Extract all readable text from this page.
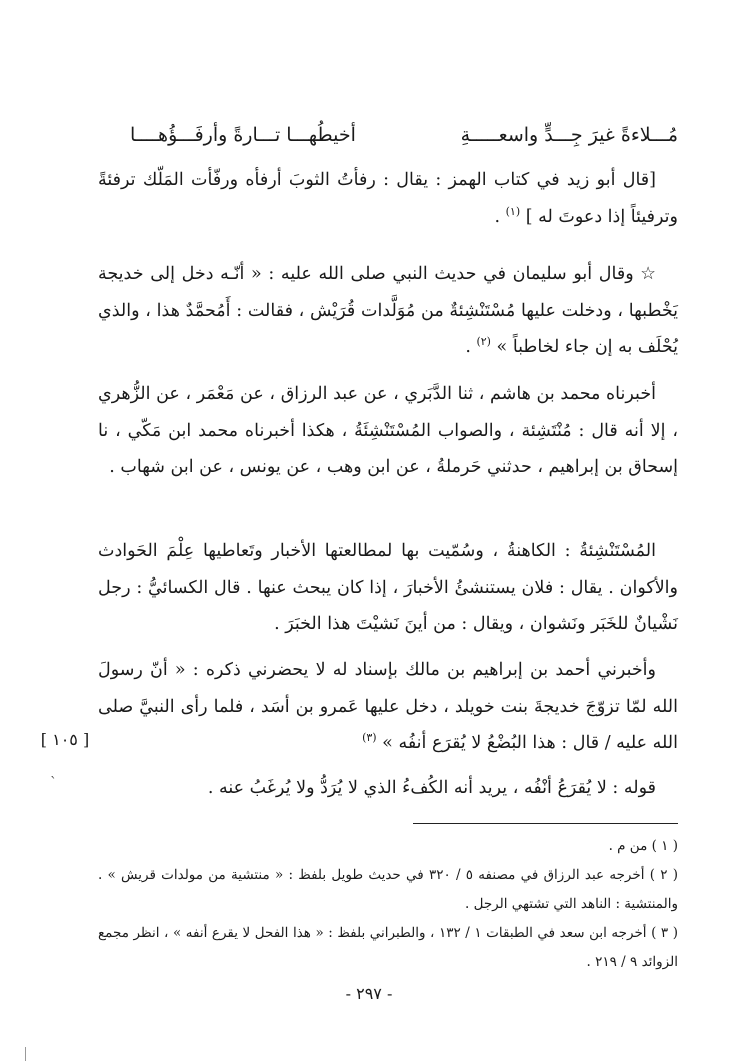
مُـــلاءةً غيرَ جِـــدٍّ واسعـــــةِ
أخيطُهـــا تـــارةً وأرفَـــؤُهــــا

[قال أبو زيد في كتاب الهمز : يقال : رفأتُ الثوبَ أرفأه ورفّأت المَلّك ترفئةً وترفيئاً إذا دعوتَ له ] $^{(١)}$ .

☆ وقال أبو سليمان في حديث النبي صلى الله عليه : « أنّـه دخل إلى خديجة يَخْطبها ، ودخلت عليها مُسْتَنْشِئةٌ من مُوَلَّدات قُرَيْش ، فقالت : أَمُحمَّدٌ هذا ، والذي يُحْلَف به إن جاء لخاطباً » $^{(٢)}$ .

أخبرناه محمد بن هاشم ، ثنا الدَّبَري ، عن عبد الرزاق ، عن مَعْمَر ، عن الزُّهري ، إلا أنه قال : مُنْتَشِئة ، والصواب المُسْتَنْشِئَةُ ، هكذا أخبرناه محمد ابن مَكّي ، نا إسحاق بن إبراهيم ، حدثني حَرملةُ ، عن ابن وهب ، عن يونس ، عن ابن شهاب .

المُسْتَنْشِئةُ : الكاهنةُ ، وسُمّيت بها لمطالعتها الأخبار وتَعاطيها عِلْمَ الحَوادث والأكوان . يقال : فلان يستنشئُ الأخبارَ ، إذا كان يبحث عنها . قال الكسائيُّ : رجل نَشْيانٌ للخَبَر ونَشوان ، ويقال : من أينَ نَشيْتَ هذا الخبَرَ .

وأخبرني أحمد بن إبراهيم بن مالك بإسناد له لا يحضرني ذكره : « أنّ رسولَ الله لمّا تزوّجَ خديجةَ بنت خويلد ، دخل عليها عَمرو بن أسَد ، فلما رأى النبيَّ صلى الله عليه / قال : هذا البُضْعُ لا يُقرَع أنفُه » $^{(٣)}$

قوله : لا يُقرَعُ أنْفُه ، يريد أنه الكُفءُ الذي لا يُرَدُّ ولا يُرغَبُ عنه .

[ ١٠٥ ]
`

( ١ ) من م .

( ٢ ) أخرجه عبد الرزاق في مصنفه ٥ / ٣٢٠ في حديث طويل بلفظ : « منتشية من مولدات قريش » . والمنتشية : الناهد التي تشتهي الرجل .

( ٣ ) أخرجه ابن سعد في الطبقات ١ / ١٣٢ ، والطبراني بلفظ : « هذا الفحل لا يقرع أنفه » ، انظر مجمع الزوائد ٩ / ٢١٩ .

- ٢٩٧ -
